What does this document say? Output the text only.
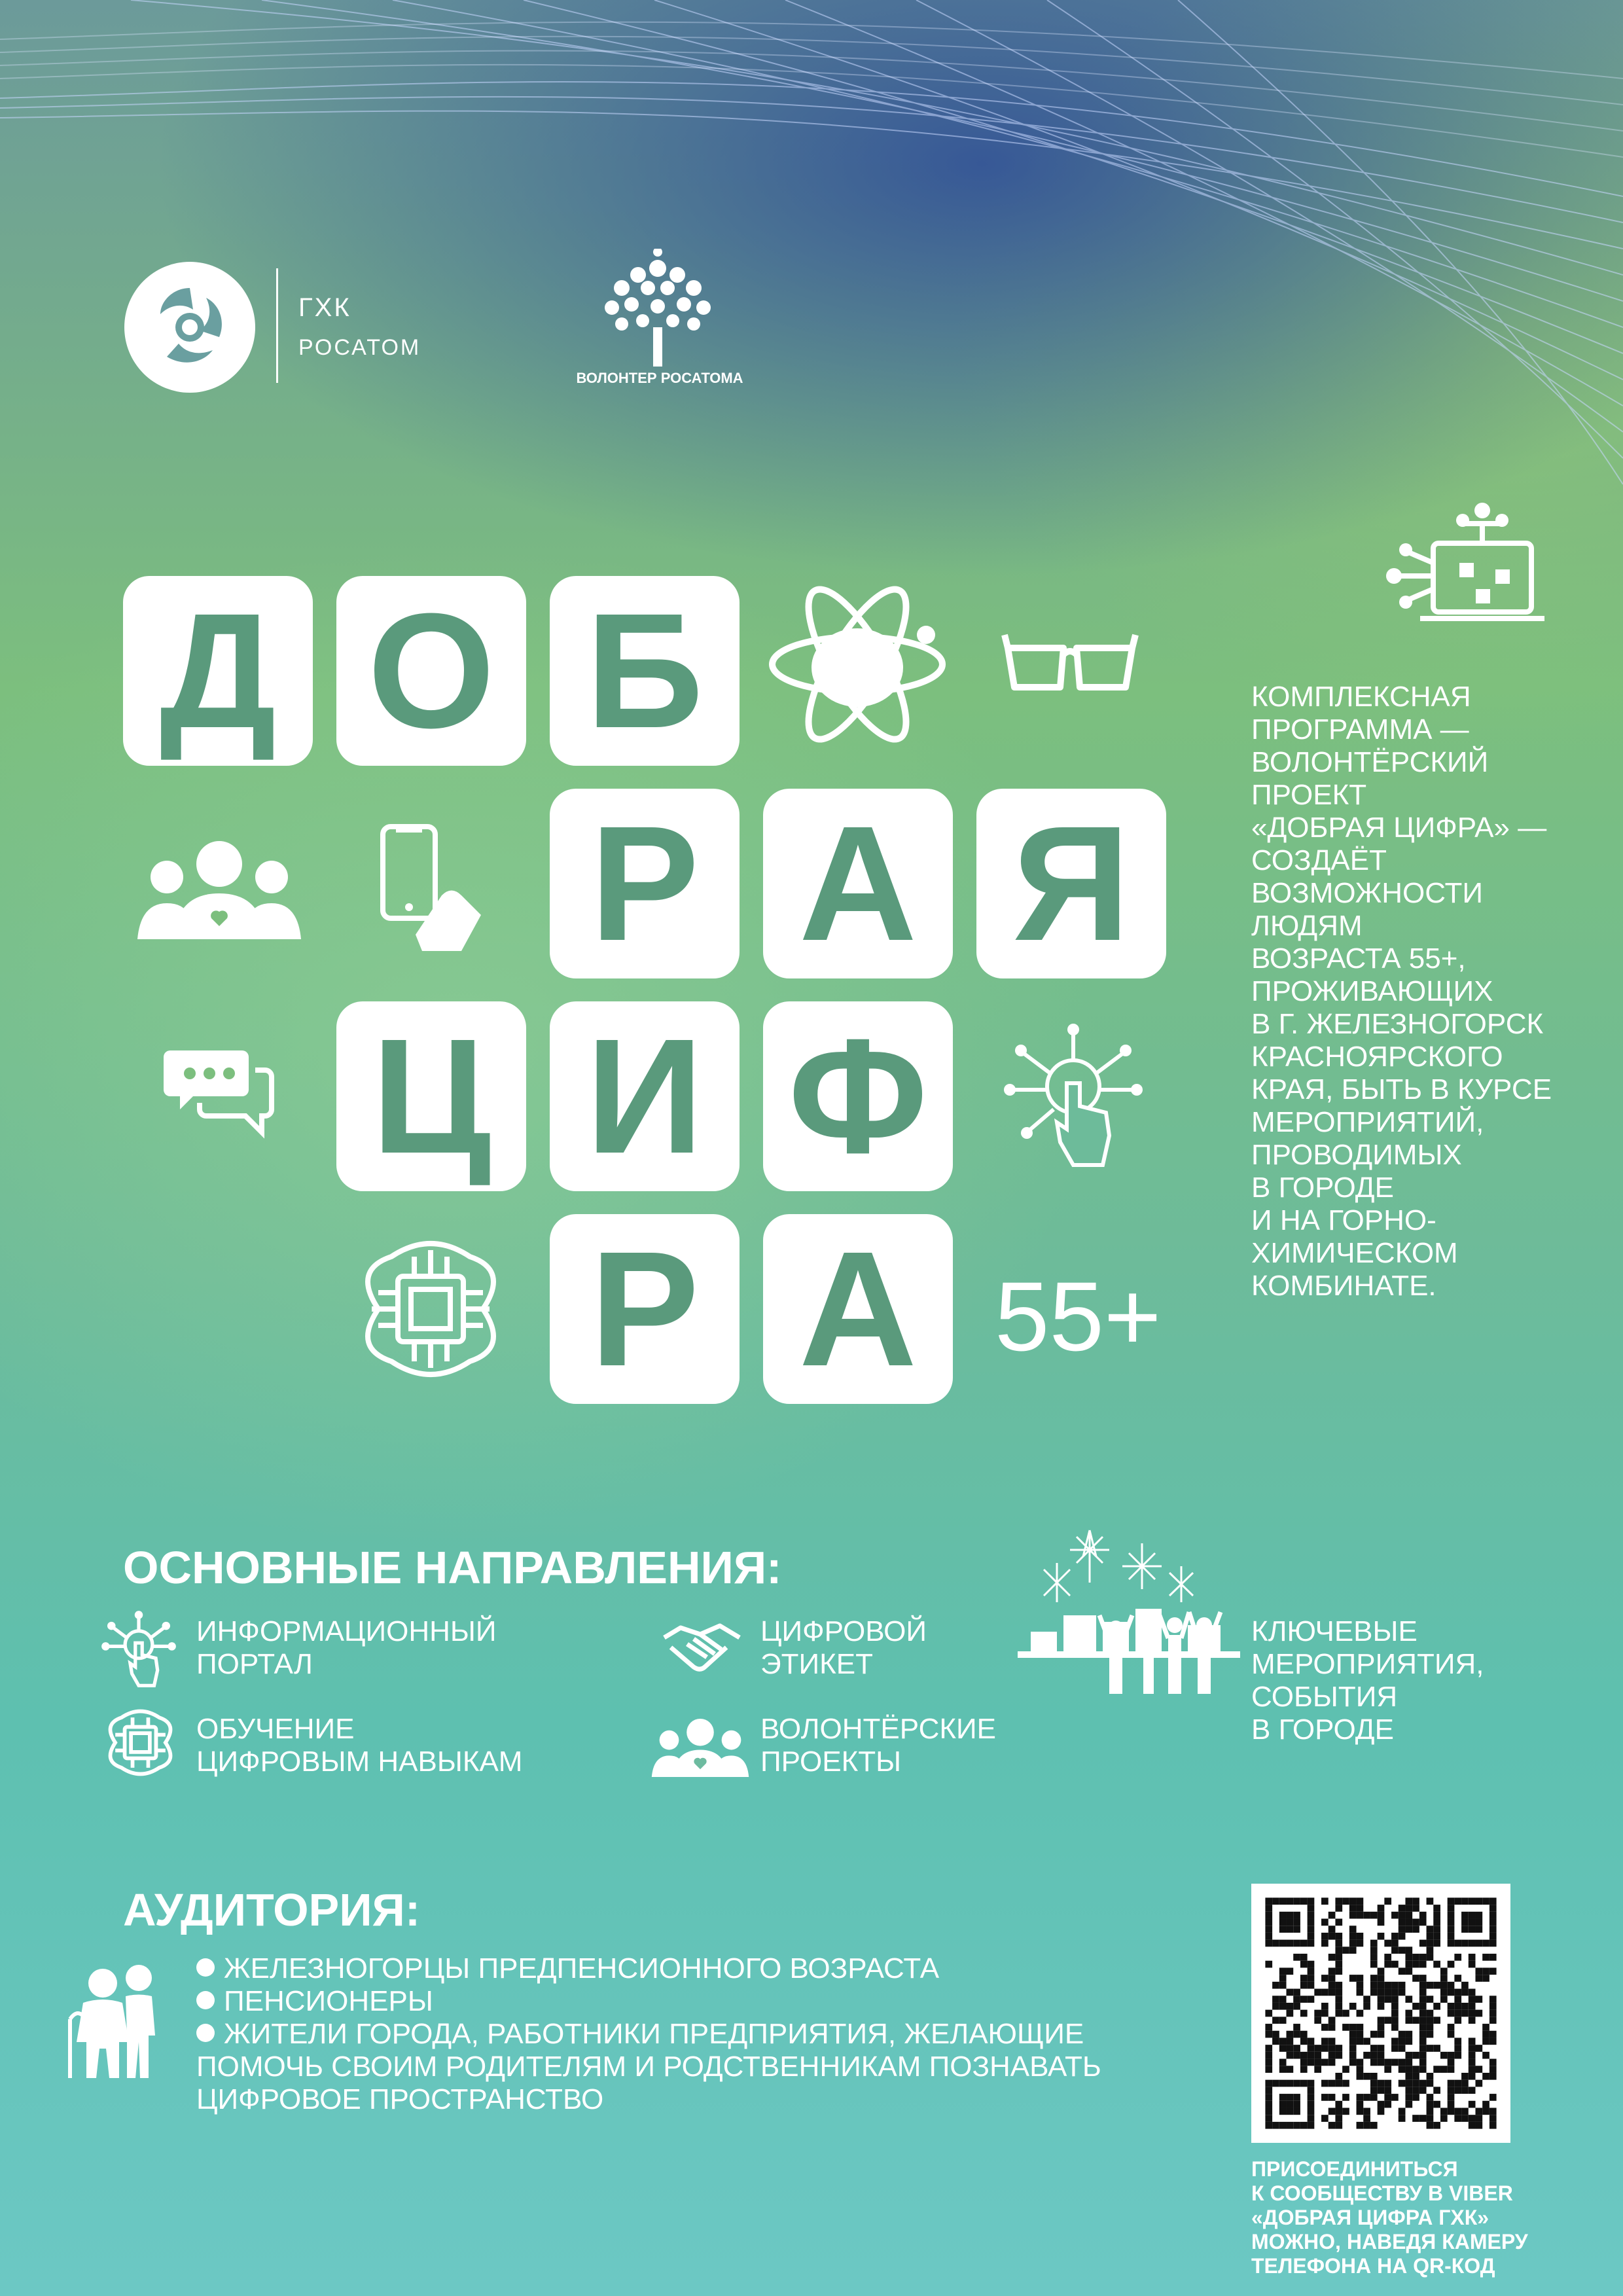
ГХК

РОСАТОМ

ВОЛОНТЕР РОСАТОМА
Д О Б
Р А Я
Ц И Ф
Р А 55+

КОМПЛЕКСНАЯ
ПРОГРАММА —
ВОЛОНТЁРСКИЙ
ПРОЕКТ
«ДОБРАЯ ЦИФРА» —
СОЗДАЁТ
ВОЗМОЖНОСТИ
ЛЮДЯМ
ВОЗРАСТА 55+,
ПРОЖИВАЮЩИХ
В Г. ЖЕЛЕЗНОГОРСК
КРАСНОЯРСКОГО
КРАЯ, БЫТЬ В КУРСЕ
МЕРОПРИЯТИЙ,
ПРОВОДИМЫХ
В ГОРОДЕ
И НА ГОРНО-
ХИМИЧЕСКОМ
КОМБИНАТЕ.

ОСНОВНЫЕ НАПРАВЛЕНИЯ:

ИНФОРМАЦИОННЫЙ
ПОРТАЛ

ЦИФРОВОЙ
ЭТИКЕТ

КЛЮЧЕВЫЕ
МЕРОПРИЯТИЯ,
СОБЫТИЯ
В ГОРОДЕ

ОБУЧЕНИЕ
ЦИФРОВЫМ НАВЫКАМ

ВОЛОНТЁРСКИЕ
ПРОЕКТЫ

АУДИТОРИЯ:
ЖЕЛЕЗНОГОРЦЫ ПРЕДПЕНСИОННОГО ВОЗРАСТА
ПЕНСИОНЕРЫ
ЖИТЕЛИ ГОРОДА, РАБОТНИКИ ПРЕДПРИЯТИЯ, ЖЕЛАЮЩИЕ ПОМОЧЬ СВОИМ РОДИТЕЛЯМ И РОДСТВЕННИКАМ ПОЗНАВАТЬ ЦИФРОВОЕ ПРОСТРАНСТВО

ПРИСОЕДИНИТЬСЯ
К СООБЩЕСТВУ В VIBER
«ДОБРАЯ ЦИФРА ГХК»
МОЖНО, НАВЕДЯ КАМЕРУ
ТЕЛЕФОНА НА QR-КОД
